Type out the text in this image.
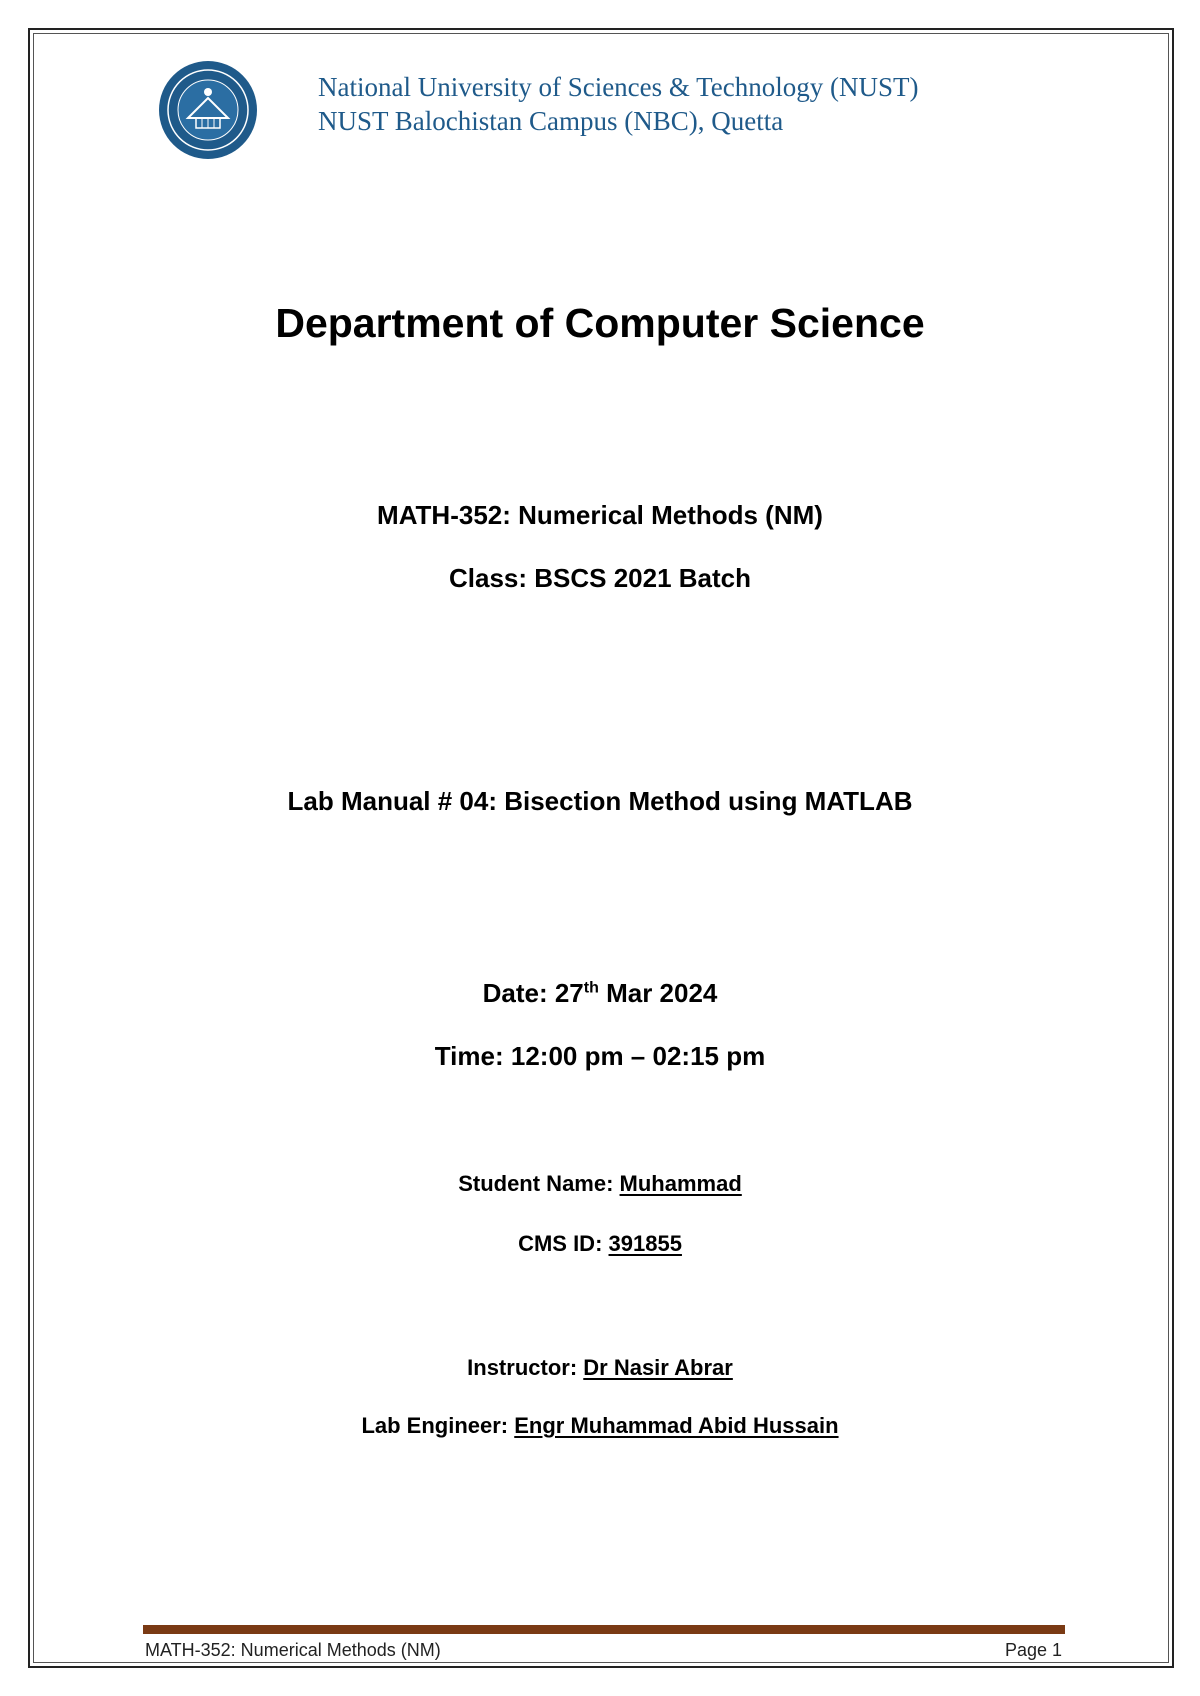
National University of Sciences & Technology (NUST)
NUST Balochistan Campus (NBC), Quetta
Department of Computer Science
MATH-352: Numerical Methods (NM)
Class: BSCS 2021 Batch
Lab Manual # 04: Bisection Method using MATLAB
Date: 27th Mar 2024
Time: 12:00 pm – 02:15 pm
Student Name: Muhammad
CMS ID: 391855
Instructor: Dr Nasir Abrar
Lab Engineer: Engr Muhammad Abid Hussain
MATH-352: Numerical Methods (NM)	Page 1
